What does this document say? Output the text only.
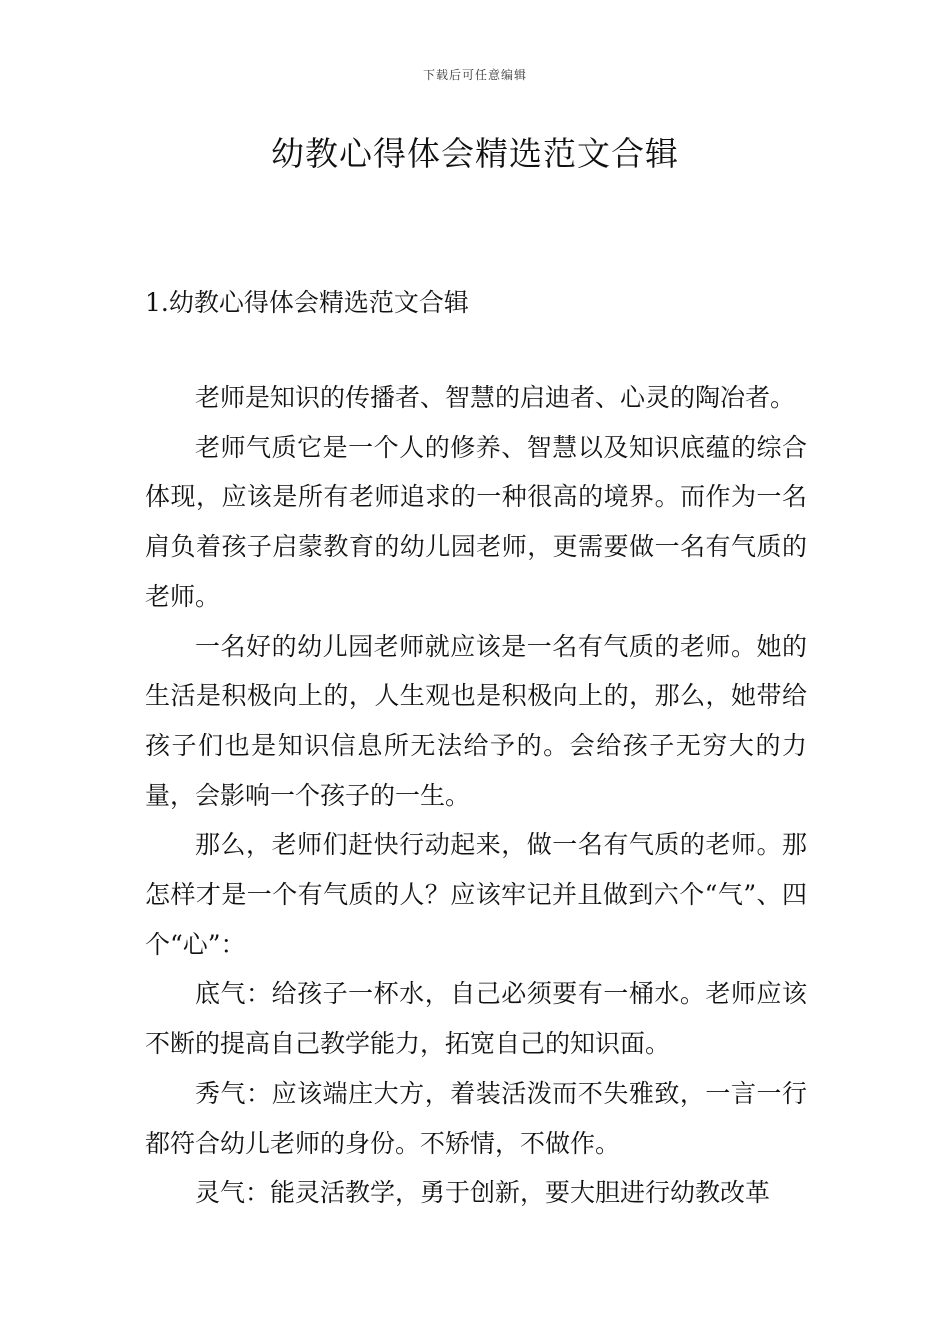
下载后可任意编辑
幼教心得体会精选范文合辑
1.幼教心得体会精选范文合辑

老师是知识的传播者、智慧的启迪者、心灵的陶冶者。

老师气质它是一个人的修养、智慧以及知识底蕴的综合体现，应该是所有老师追求的一种很高的境界。而作为一名肩负着孩子启蒙教育的幼儿园老师，更需要做一名有气质的老师。

一名好的幼儿园老师就应该是一名有气质的老师。她的生活是积极向上的，人生观也是积极向上的，那么，她带给孩子们也是知识信息所无法给予的。会给孩子无穷大的力量，会影响一个孩子的一生。

那么，老师们赶快行动起来，做一名有气质的老师。那怎样才是一个有气质的人？应该牢记并且做到六个“气”、四个“心”：

底气：给孩子一杯水，自己必须要有一桶水。老师应该不断的提高自己教学能力，拓宽自己的知识面。

秀气：应该端庄大方，着装活泼而不失雅致，一言一行都符合幼儿老师的身份。不矫情，不做作。

灵气：能灵活教学，勇于创新，要大胆进行幼教改革
